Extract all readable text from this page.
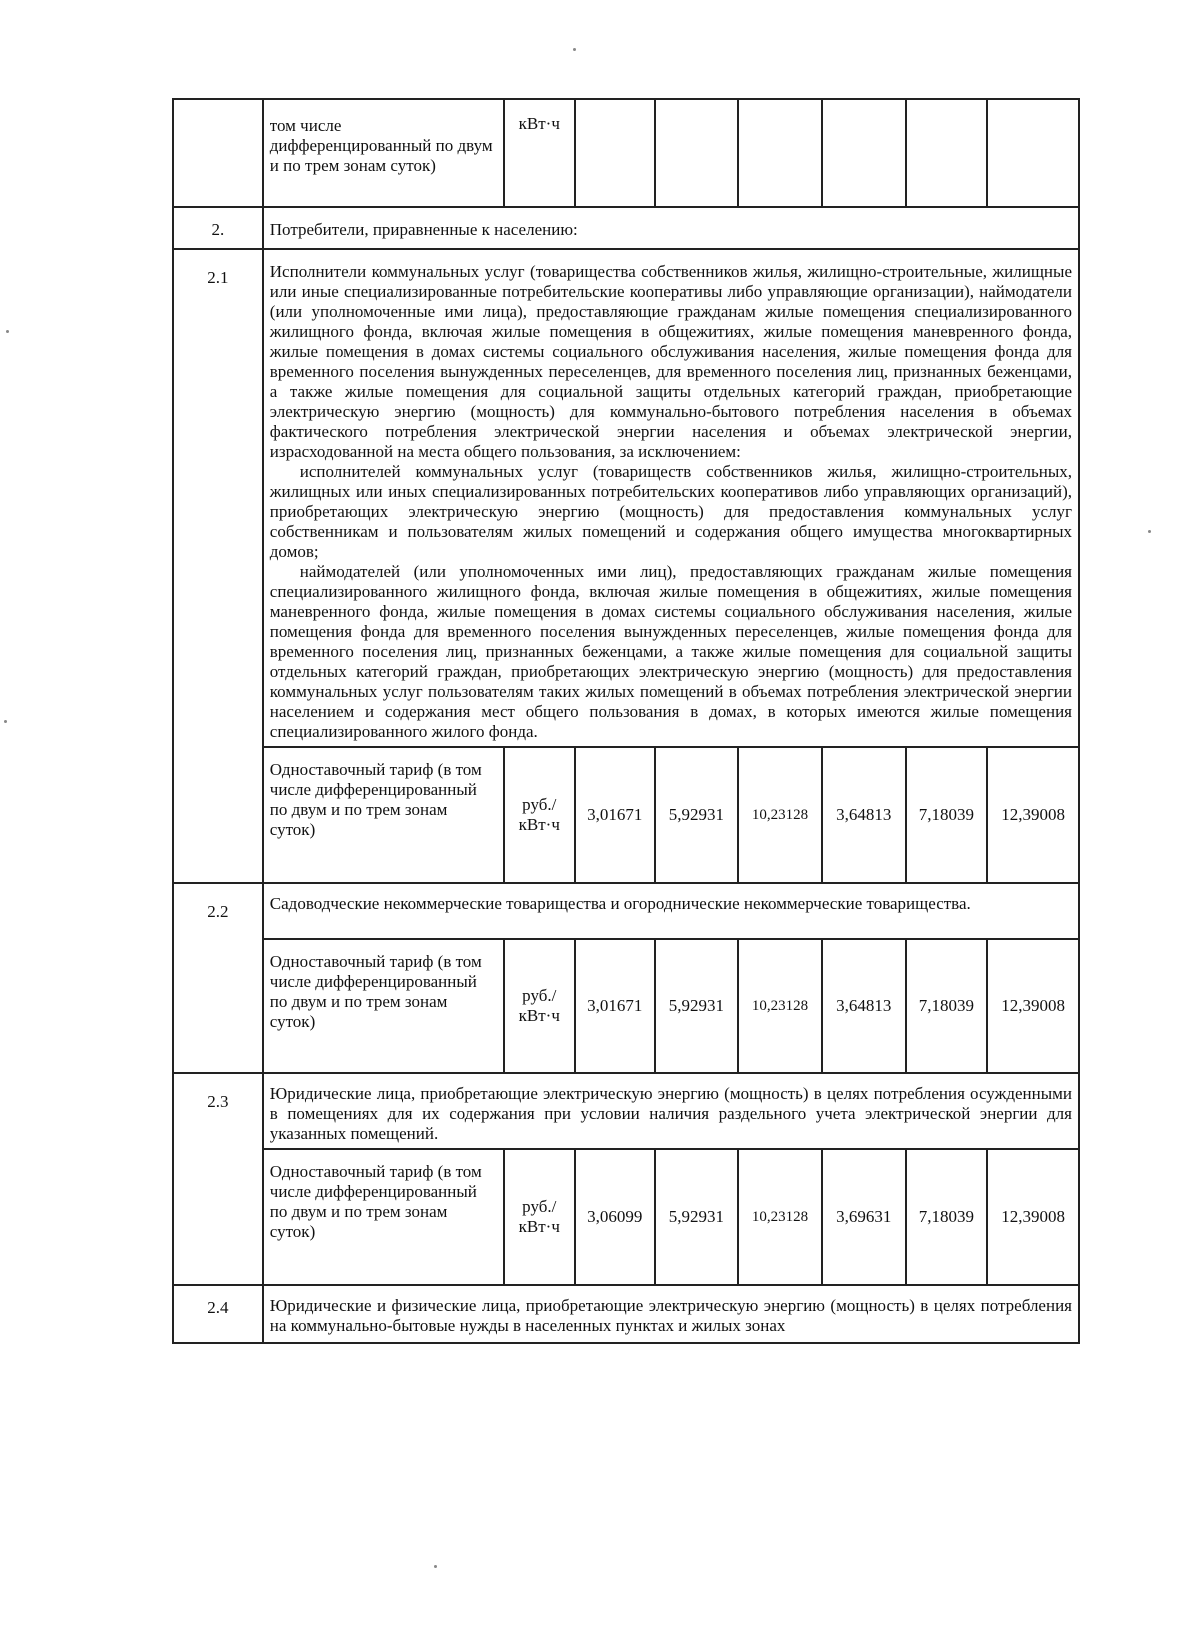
	том числе дифференцированный по двум и по трем зонам суток)	кВт·ч						
2.	Потребители, приравненные к населению:							
2.1	Исполнители коммунальных услуг (товарищества собственников жилья, жилищно-строительные, жилищные или иные специализированные потребительские кооперативы либо управляющие организации), наймодатели (или уполномоченные ими лица), предоставляющие гражданам жилые помещения специализированного жилищного фонда, включая жилые помещения в общежитиях, жилые помещения маневренного фонда, жилые помещения в домах системы социального обслуживания населения, жилые помещения фонда для временного поселения вынужденных переселенцев, для временного поселения лиц, признанных беженцами, а также жилые помещения для социальной защиты отдельных категорий граждан, приобретающие электрическую энергию (мощность) для коммунально-бытового потребления населения в объемах фактического потребления электрической энергии населения и объемах электрической энергии, израсходованной на места общего пользования, за исключением:

исполнителей коммунальных услуг (товариществ собственников жилья, жилищно-строительных, жилищных или иных специализированных потребительских кооперативов либо управляющих организаций), приобретающих электрическую энергию (мощность) для предоставления коммунальных услуг собственникам и пользователям жилых помещений и содержания общего имущества многоквартирных домов;

наймодателей (или уполномоченных ими лиц), предоставляющих гражданам жилые помещения специализированного жилищного фонда, включая жилые помещения в общежитиях, жилые помещения маневренного фонда, жилые помещения в домах системы социального обслуживания населения, жилые помещения фонда для временного поселения вынужденных переселенцев, жилые помещения фонда для временного поселения лиц, признанных беженцами, а также жилые помещения для социальной защиты отдельных категорий граждан, приобретающих электрическую энергию (мощность) для предоставления коммунальных услуг пользователям таких жилых помещений в объемах потребления электрической энергии населением и содержания мест общего пользования в домах, в которых имеются жилые помещения специализированного жилого фонда.							

	Одноставочный тариф (в том числе дифференцированный по двум и по трем зонам суток)	руб./ кВт·ч	3,01671	5,92931	10,23128	3,64813	7,18039	12,39008
2.2	Садоводческие некоммерческие товарищества и огороднические некоммерческие товарищества.							
	Одноставочный тариф (в том числе дифференцированный по двум и по трем зонам суток)	руб./ кВт·ч	3,01671	5,92931	10,23128	3,64813	7,18039	12,39008
2.3	Юридические лица, приобретающие электрическую энергию (мощность) в целях потребления осужденными в помещениях для их содержания при условии наличия раздельного учета электрической энергии для указанных помещений.							
	Одноставочный тариф (в том числе дифференцированный по двум и по трем зонам суток)	руб./ кВт·ч	3,06099	5,92931	10,23128	3,69631	7,18039	12,39008
2.4	Юридические и физические лица, приобретающие электрическую энергию (мощность) в целях потребления на коммунально-бытовые нужды в населенных пунктах и жилых зонах							
